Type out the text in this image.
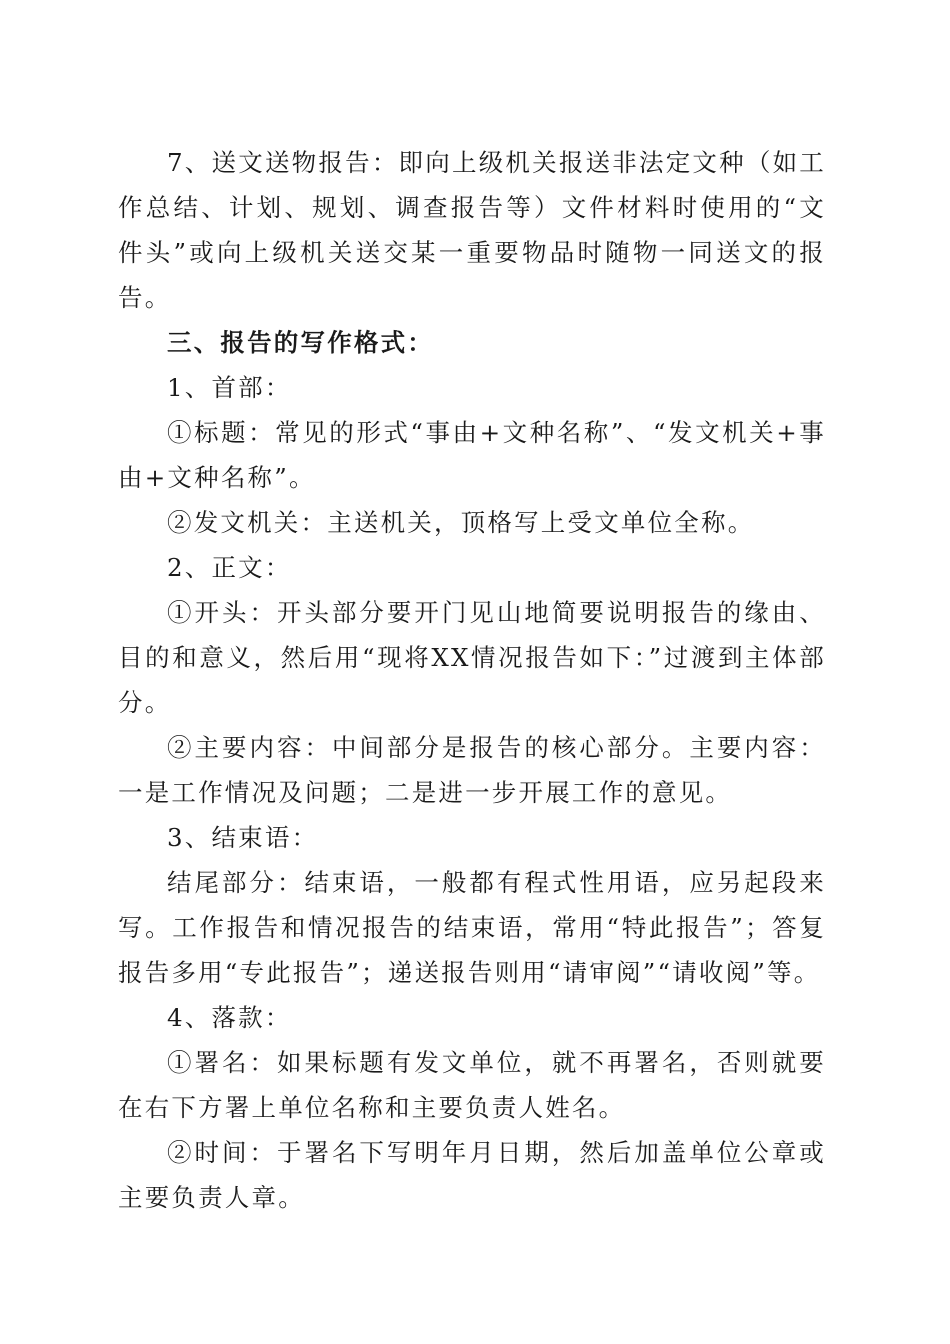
7、送文送物报告：即向上级机关报送非法定文种（如工作总结、计划、规划、调查报告等）文件材料时使用的“文件头”或向上级机关送交某一重要物品时随物一同送文的报告。

三、报告的写作格式：

1、首部：

①标题：常见的形式“事由+文种名称”、“发文机关+事由+文种名称”。

②发文机关：主送机关，顶格写上受文单位全称。

2、正文：

①开头：开头部分要开门见山地简要说明报告的缘由、目的和意义，然后用“现将XX情况报告如下：”过渡到主体部分。

②主要内容：中间部分是报告的核心部分。主要内容：一是工作情况及问题；二是进一步开展工作的意见。

3、结束语：

结尾部分：结束语，一般都有程式性用语，应另起段来写。工作报告和情况报告的结束语，常用“特此报告”；答复报告多用“专此报告”；递送报告则用“请审阅”“请收阅”等。

4、落款：

①署名：如果标题有发文单位，就不再署名，否则就要在右下方署上单位名称和主要负责人姓名。

②时间：于署名下写明年月日期，然后加盖单位公章或主要负责人章。
